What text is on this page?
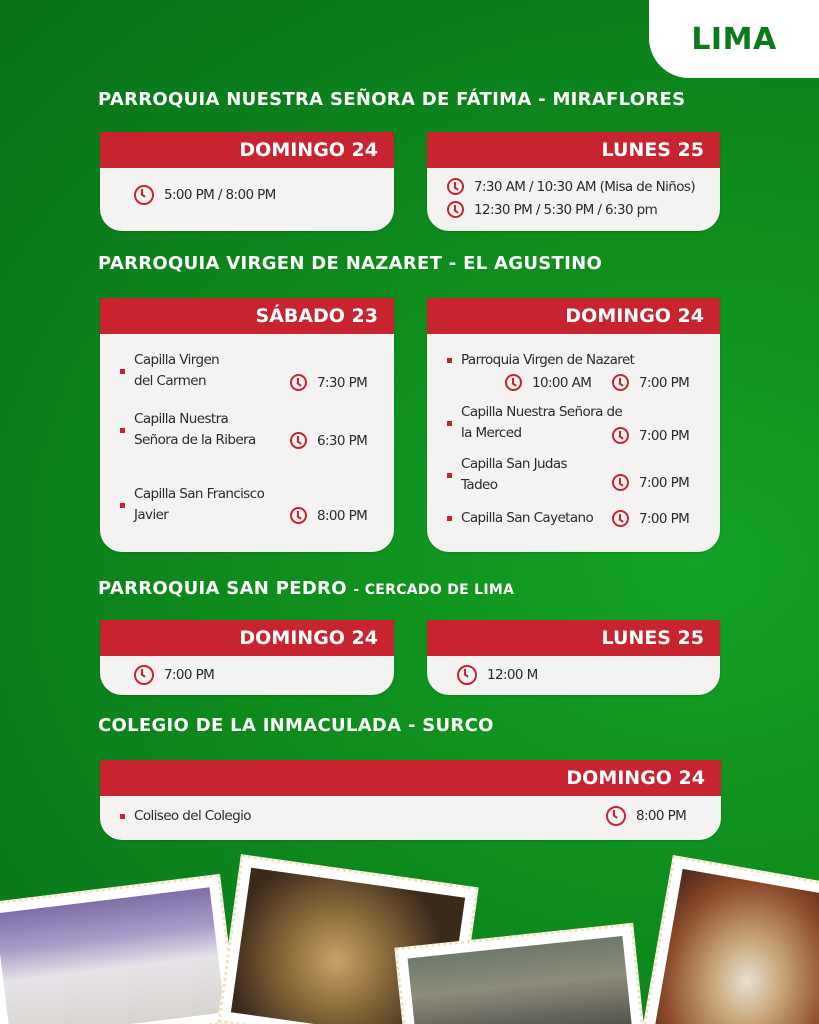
LIMA
PARROQUIA NUESTRA SEÑORA DE FÁTIMA - MIRAFLORES
DOMINGO 24
5:00 PM / 8:00 PM
LUNES 25
7:30 AM / 10:30 AM (Misa de Niños)
12:30 PM / 5:30 PM / 6:30 pm
PARROQUIA VIRGEN DE NAZARET - EL AGUSTINO
SÁBADO 23
Capilla Virgen del Carmen	7:30 PM
Capilla Nuestra Señora de la Ribera	6:30 PM
Capilla San Francisco Javier	8:00 PM
DOMINGO 24
Parroquia Virgen de Nazaret
10:00 AM	7:00 PM
Capilla Nuestra Señora de la Merced	7:00 PM
Capilla San Judas Tadeo	7:00 PM
Capilla San Cayetano	7:00 PM
PARROQUIA SAN PEDRO - CERCADO DE LIMA
DOMINGO 24
7:00 PM
LUNES 25
12:00 M
COLEGIO DE LA INMACULADA - SURCO
DOMINGO 24
Coliseo del Colegio	8:00 PM
